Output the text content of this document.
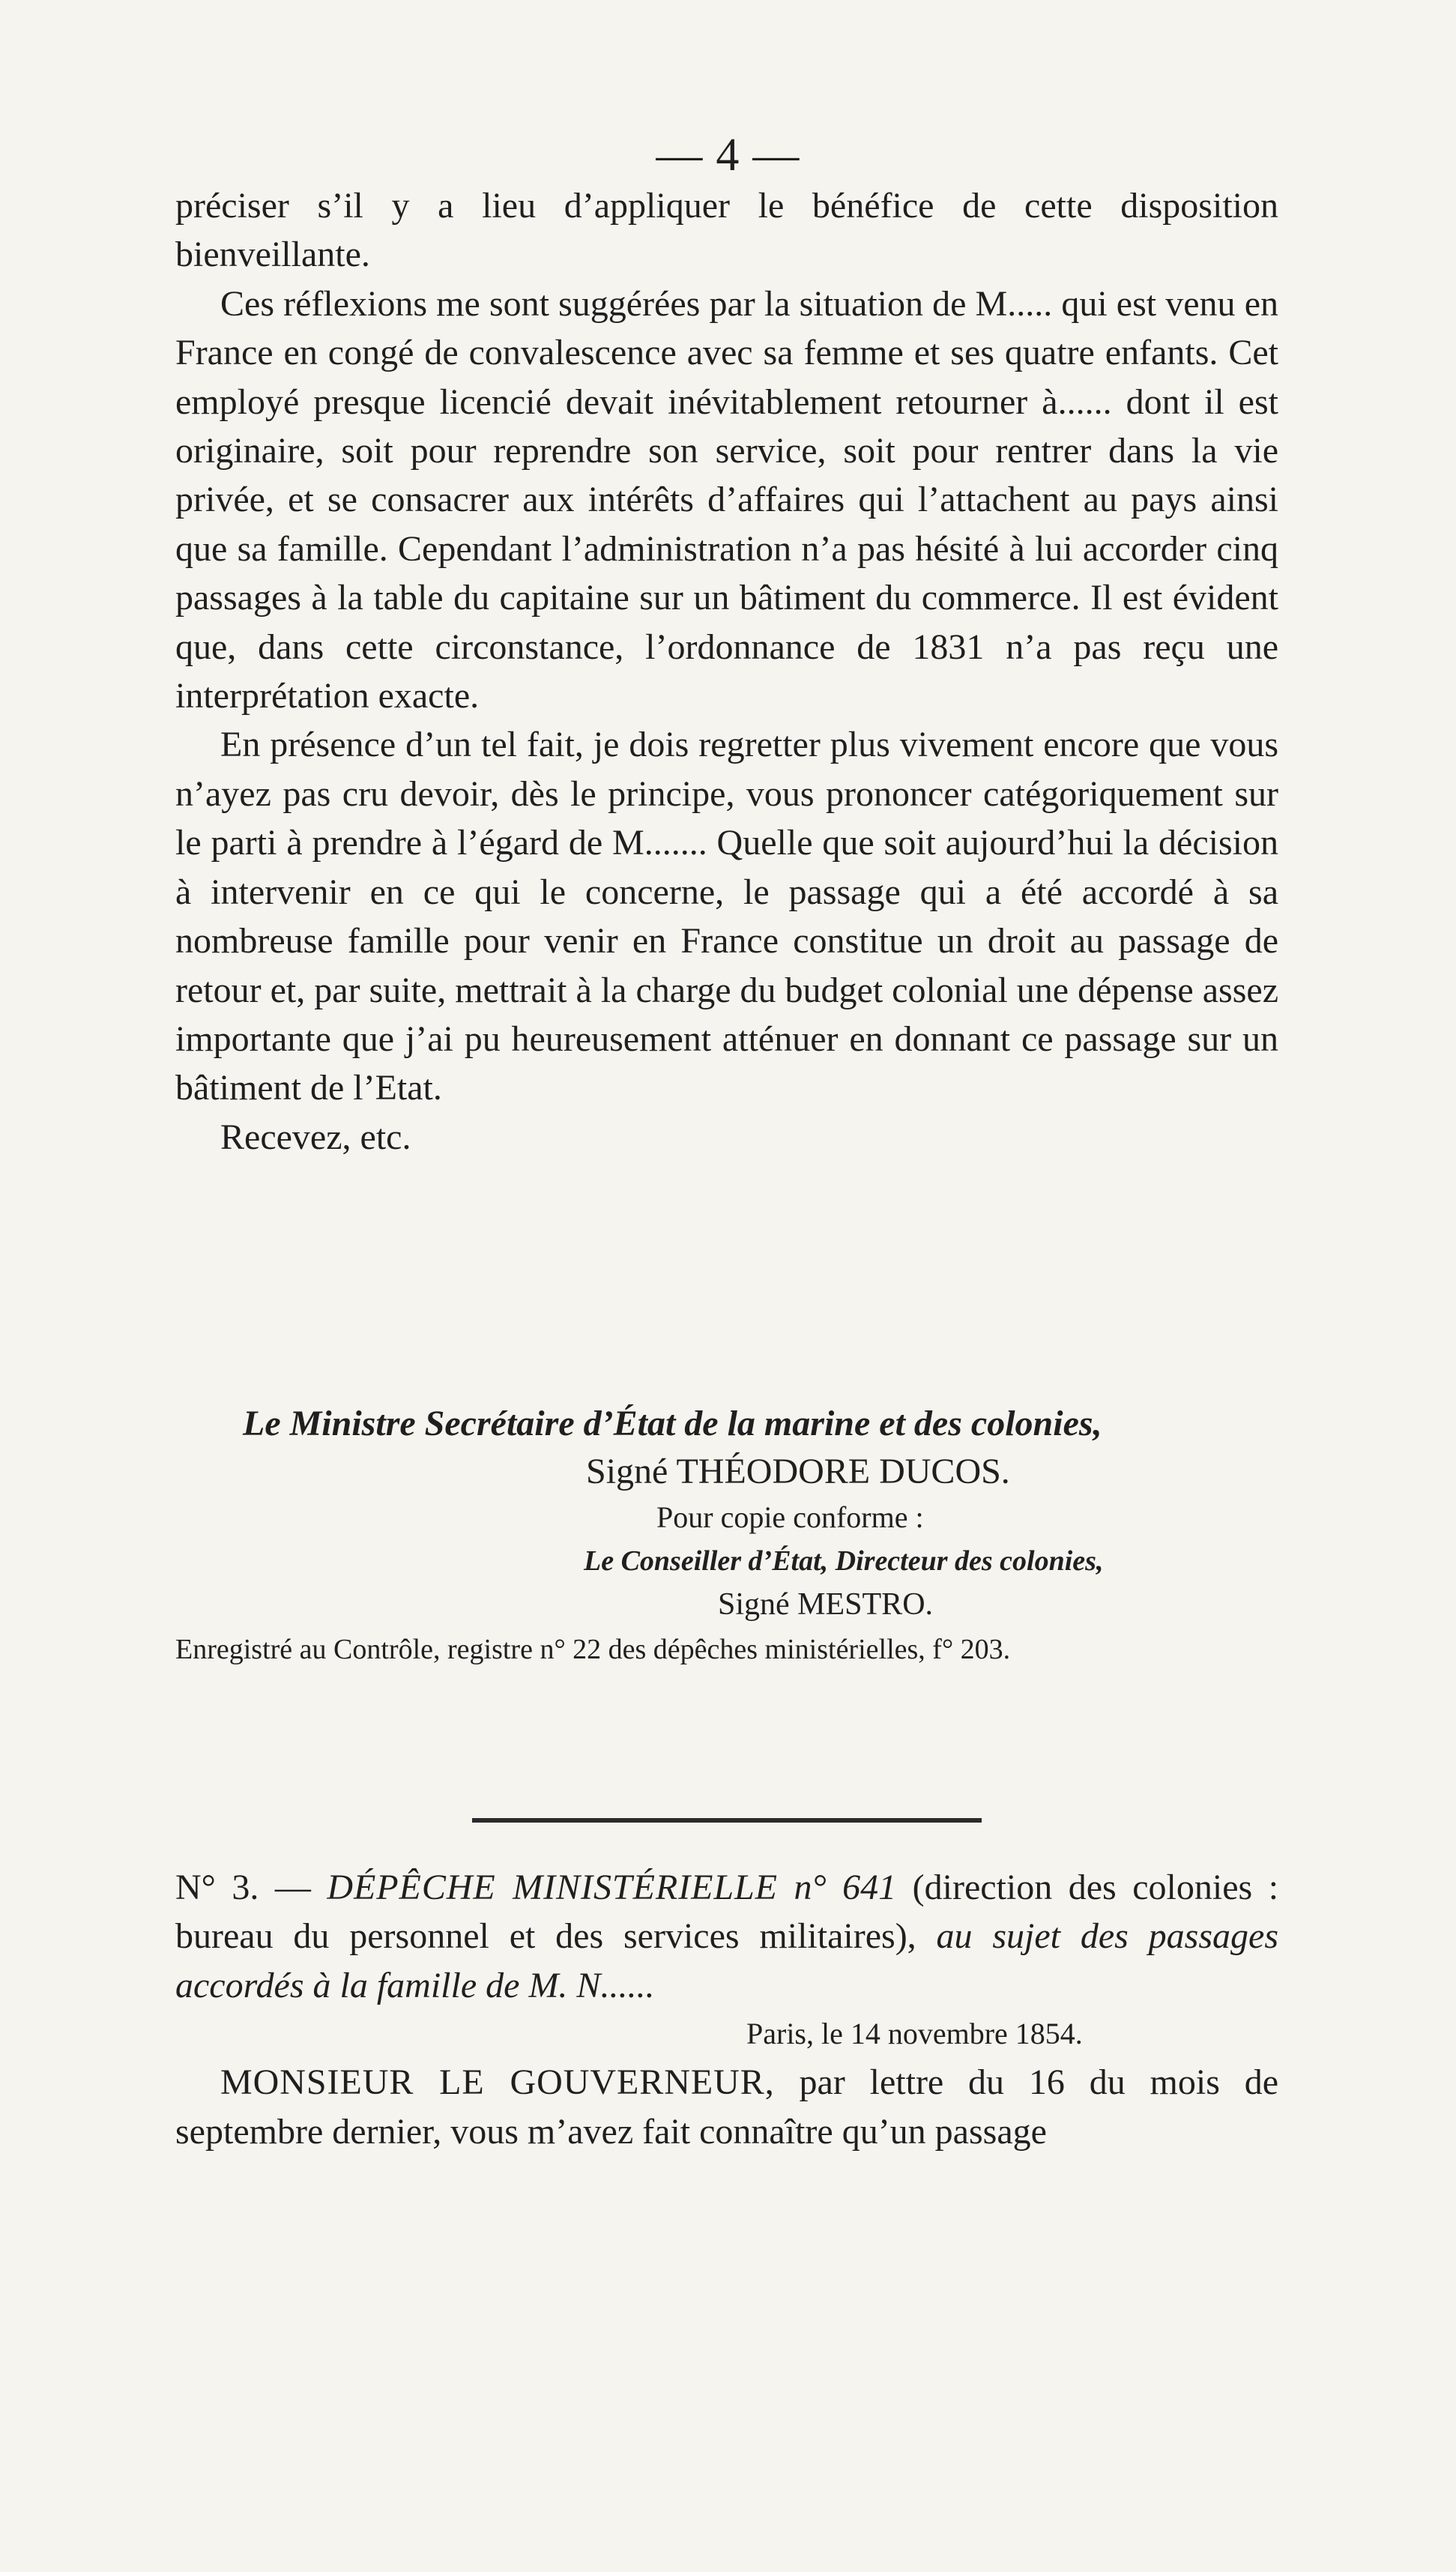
— 4 —

préciser s’il y a lieu d’appliquer le bénéfice de cette disposition bienveillante.

Ces réflexions me sont suggérées par la situation de M..... qui est venu en France en congé de convalescence avec sa femme et ses quatre enfants. Cet employé presque licencié devait inévitablement retourner à...... dont il est originaire, soit pour reprendre son service, soit pour rentrer dans la vie privée, et se consacrer aux intérêts d’affaires qui l’attachent au pays ainsi que sa famille. Cependant l’administration n’a pas hésité à lui accorder cinq passages à la table du capitaine sur un bâtiment du commerce. Il est évident que, dans cette circonstance, l’ordonnance de 1831 n’a pas reçu une interprétation exacte.

En présence d’un tel fait, je dois regretter plus vivement encore que vous n’ayez pas cru devoir, dès le principe, vous prononcer catégoriquement sur le parti à prendre à l’égard de M....... Quelle que soit aujourd’hui la décision à intervenir en ce qui le concerne, le passage qui a été accordé à sa nombreuse famille pour venir en France constitue un droit au passage de retour et, par suite, mettrait à la charge du budget colonial une dépense assez importante que j’ai pu heureusement atténuer en donnant ce passage sur un bâtiment de l’Etat.

Recevez, etc.

Le Ministre Secrétaire d’État de la marine et des colonies,

Signé THÉODORE DUCOS.

Pour copie conforme :

Le Conseiller d’État, Directeur des colonies,

Signé MESTRO.

Enregistré au Contrôle, registre n° 22 des dépêches ministérielles, f° 203.

N° 3. — DÉPÊCHE MINISTÉRIELLE n° 641 (direction des colonies : bureau du personnel et des services militaires), au sujet des passages accordés à la famille de M. N......

Paris, le 14 novembre 1854.

MONSIEUR LE GOUVERNEUR, par lettre du 16 du mois de septembre dernier, vous m’avez fait connaître qu’un passage
